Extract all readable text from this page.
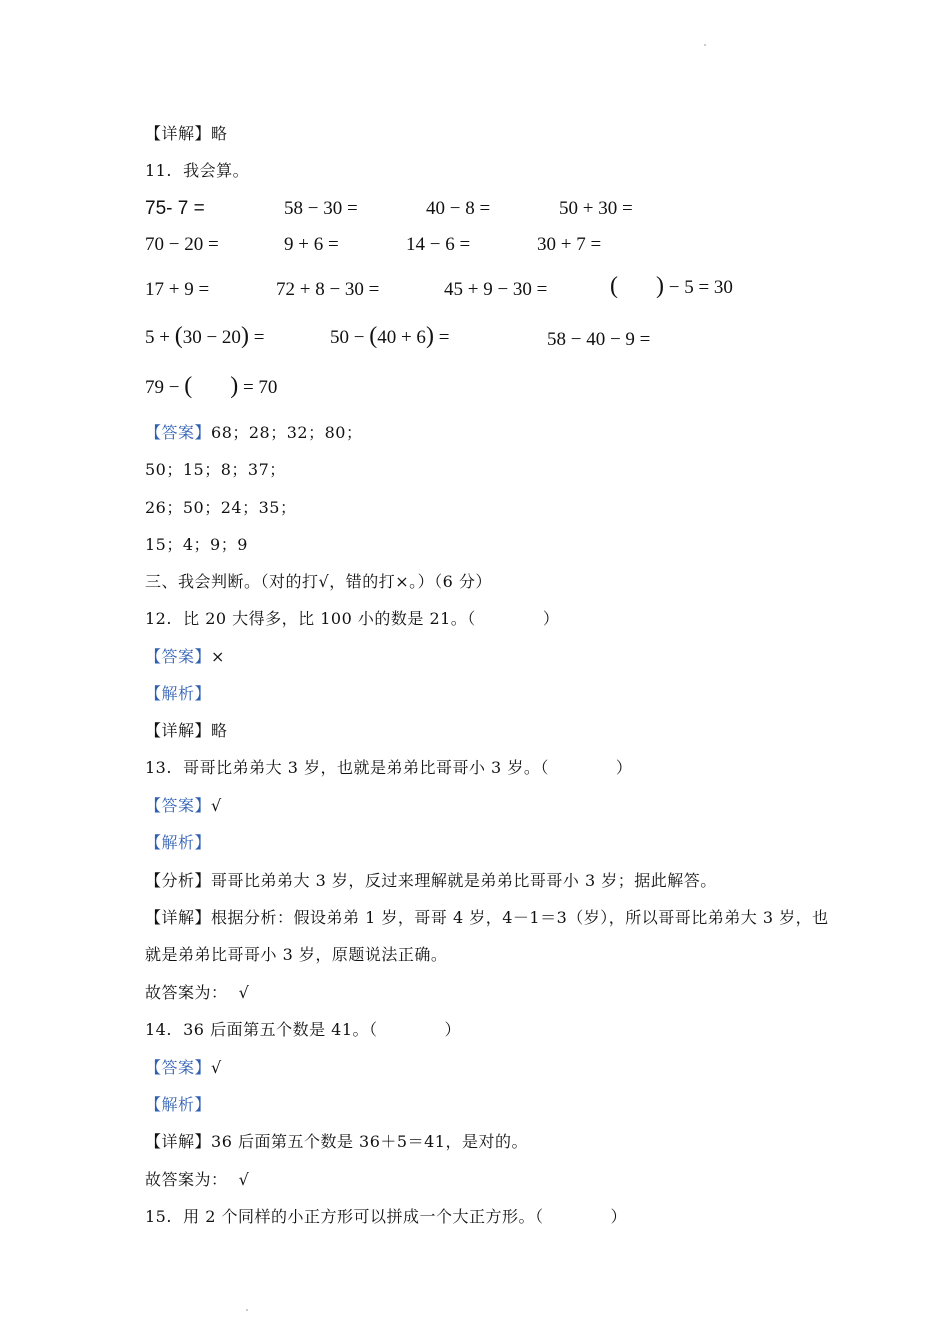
【详解】略
11.  我会算。
75- 7 =	58 − 30 =	40 − 8 =	50 + 30 =
70 − 20 =	9 + 6 =	14 − 6 =	30 + 7 =
17 + 9 =	72 + 8 − 30 =	45 + 9 − 30 =	( ) − 5 = 30
5 + (30 − 20) =	50 − (40 + 6) =	58 − 40 − 9 =
79 − ( ) = 70
【答案】68；28；32；80；
50；15；8；37；
26；50；24；35；
15；4；9；9
三、我会判断。（对的打√，错的打×。）（6 分）
12.  比 20 大得多，比 100 小的数是 21。（            ）
【答案】×
【解析】
【详解】略
13.  哥哥比弟弟大 3 岁，也就是弟弟比哥哥小 3 岁。（            ）
【答案】√
【解析】
【分析】哥哥比弟弟大 3 岁，反过来理解就是弟弟比哥哥小 3 岁；据此解答。
【详解】根据分析：假设弟弟 1 岁，哥哥 4 岁，4－1＝3（岁），所以哥哥比弟弟大 3 岁，也
就是弟弟比哥哥小 3 岁，原题说法正确。
故答案为：  √
14.  36 后面第五个数是 41。（            ）
【答案】√
【解析】
【详解】36 后面第五个数是 36＋5＝41，是对的。
故答案为：  √
15.  用 2 个同样的小正方形可以拼成一个大正方形。（            ）
